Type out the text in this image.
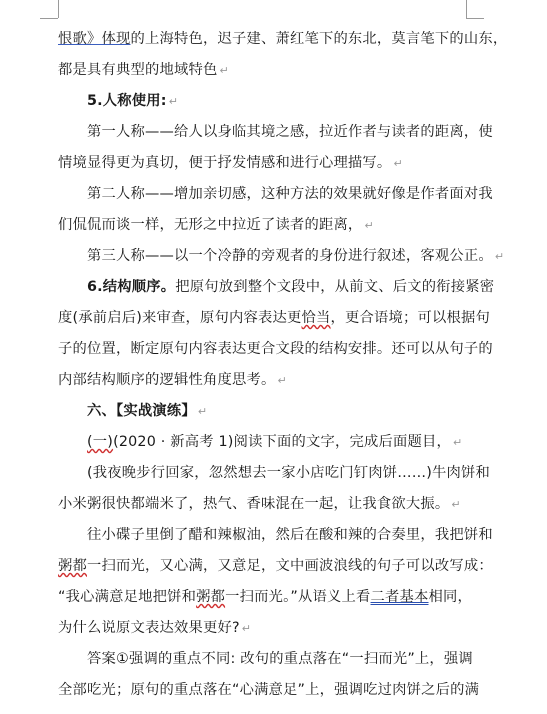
恨歌》体现的上海特色，迟子建、萧红笔下的东北，莫言笔下的山东，
都是具有典型的地域特色 ↵
5.人称使用: ↵
第一人称——给人以身临其境之感，拉近作者与读者的距离，使
情境显得更为真切，便于抒发情感和进行心理描写。 ↵
第二人称——增加亲切感，这种方法的效果就好像是作者面对我
们侃侃而谈一样，无形之中拉近了读者的距离， ↵
第三人称——以一个冷静的旁观者的身份进行叙述，客观公正。 ↵
6.结构顺序。把原句放到整个文段中，从前文、后文的衔接紧密
度(承前启后)来审查，原句内容表达更恰当，更合语境；可以根据句
子的位置，断定原句内容表达更合文段的结构安排。还可以从句子的
内部结构顺序的逻辑性角度思考。 ↵
六、【实战演练】 ↵
(一)(2020 · 新高考 1)阅读下面的文字，完成后面题目， ↵
(我夜晚步行回家，忽然想去一家小店吃门钉肉饼……)牛肉饼和
小米粥很快都端米了，热气、香味混在一起，让我食欲大振。 ↵
往小碟子里倒了醋和辣椒油，然后在酸和辣的合奏里，我把饼和
粥都一扫而光，又心满，又意足，文中画波浪线的句子可以改写成：
“我心满意足地把饼和粥都一扫而光。”从语义上看二者基本相同，
为什么说原文表达效果更好? ↵
答案①强调的重点不同: 改句的重点落在“一扫而光”上，强调
全部吃光；原句的重点落在“心满意足”上，强调吃过肉饼之后的满
